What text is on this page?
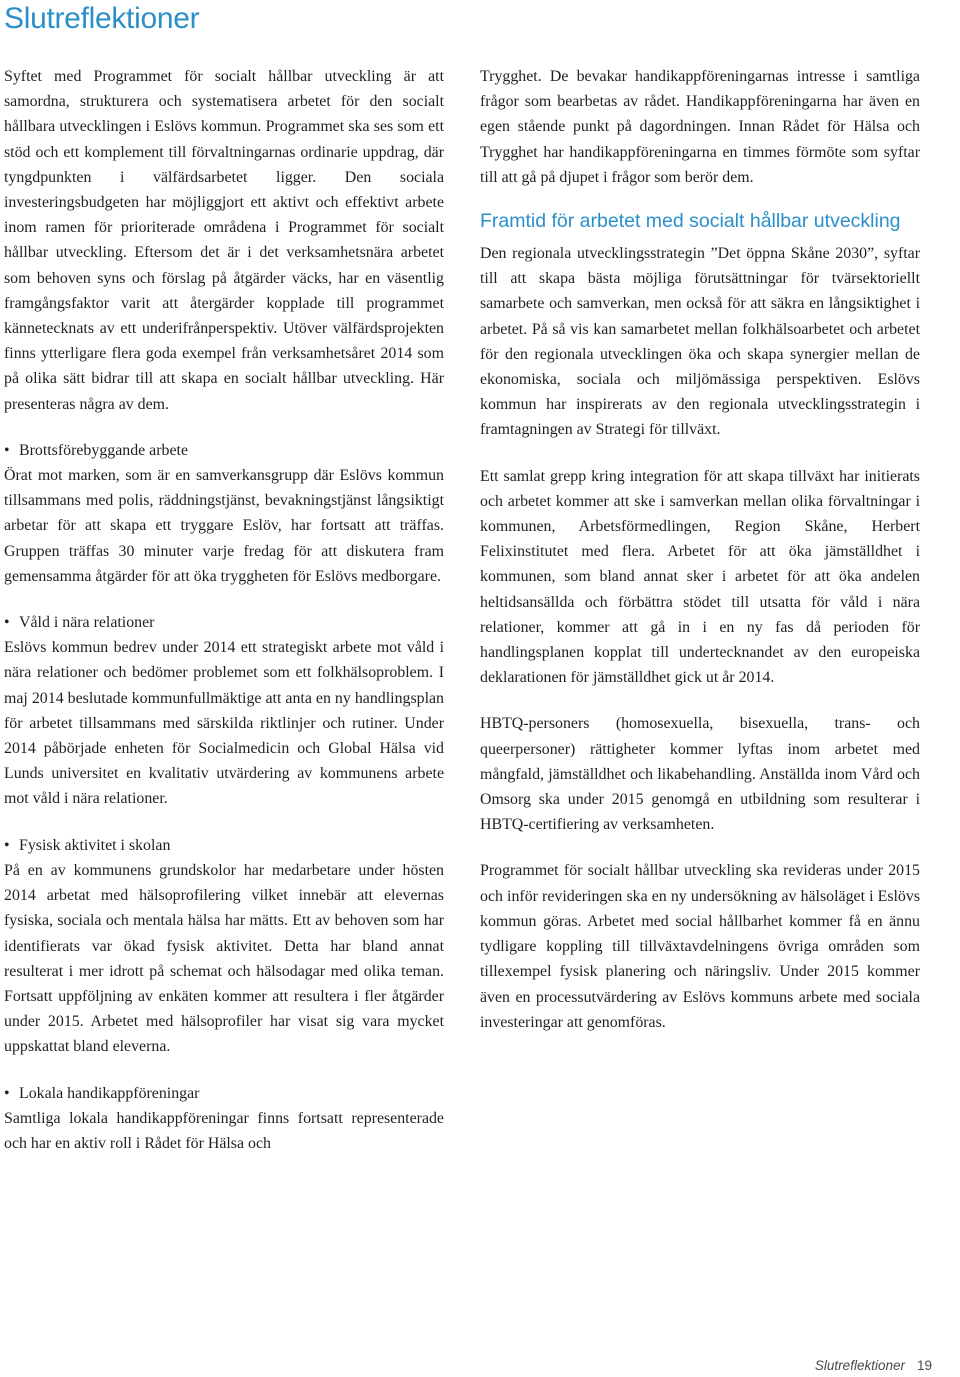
Slutreflektioner

Syftet med Programmet för socialt hållbar utveckling är att samordna, strukturera och systematisera arbetet för den socialt hållbara utvecklingen i Eslövs kommun. Programmet ska ses som ett stöd och ett komplement till förvaltningarnas ordinarie uppdrag, där tyngdpunkten i välfärdsarbetet ligger. Den sociala investeringsbudgeten har möjliggjort ett aktivt och effektivt arbete inom ramen för prioriterade områdena i Programmet för socialt hållbar utveckling. Eftersom det är i det verksamhetsnära arbetet som behoven syns och förslag på åtgärder väcks, har en väsentlig framgångsfaktor varit att återgärder kopplade till programmet kännetecknats av ett underifrånperspektiv. Utöver välfärdsprojekten finns ytterligare flera goda exempel från verksamhetsåret 2014 som på olika sätt bidrar till att skapa en socialt hållbar utveckling. Här presenteras några av dem.

• Brottsförebyggande arbete

Örat mot marken, som är en samverkansgrupp där Eslövs kommun tillsammans med polis, räddningstjänst, bevakningstjänst långsiktigt arbetar för att skapa ett tryggare Eslöv, har fortsatt att träffas. Gruppen träffas 30 minuter varje fredag för att diskutera fram gemensamma åtgärder för att öka tryggheten för Eslövs medborgare.

• Våld i nära relationer

Eslövs kommun bedrev under 2014 ett strategiskt arbete mot våld i nära relationer och bedömer problemet som ett folkhälsoproblem. I maj 2014 beslutade kommunfullmäktige att anta en ny handlingsplan för arbetet tillsammans med särskilda riktlinjer och rutiner. Under 2014 påbörjade enheten för Socialmedicin och Global Hälsa vid Lunds universitet en kvalitativ utvärdering av kommunens arbete mot våld i nära relationer.

• Fysisk aktivitet i skolan

På en av kommunens grundskolor har medarbetare under hösten 2014 arbetat med hälsoprofilering vilket innebär att elevernas fysiska, sociala och mentala hälsa har mätts. Ett av behoven som har identifierats var ökad fysisk aktivitet. Detta har bland annat resulterat i mer idrott på schemat och hälsodagar med olika teman. Fortsatt uppföljning av enkäten kommer att resultera i fler åtgärder under 2015. Arbetet med hälsoprofiler har visat sig vara mycket uppskattat bland eleverna.

• Lokala handikappföreningar

Samtliga lokala handikappföreningar finns fortsatt representerade och har en aktiv roll i Rådet för Hälsa och

Trygghet. De bevakar handikappföreningarnas intresse i samtliga frågor som bearbetas av rådet. Handikappföreningarna har även en egen stående punkt på dagordningen. Innan Rådet för Hälsa och Trygghet har handikappföreningarna en timmes förmöte som syftar till att gå på djupet i frågor som berör dem.

Framtid för arbetet med socialt hållbar utveckling

Den regionala utvecklingsstrategin ”Det öppna Skåne 2030”, syftar till att skapa bästa möjliga förutsättningar för tvärsektoriellt samarbete och samverkan, men också för att säkra en långsiktighet i arbetet. På så vis kan samarbetet mellan folkhälsoarbetet och arbetet för den regionala utvecklingen öka och skapa synergier mellan de ekonomiska, sociala och miljömässiga perspektiven. Eslövs kommun har inspirerats av den regionala utvecklingsstrategin i framtagningen av Strategi för tillväxt.

Ett samlat grepp kring integration för att skapa tillväxt har initierats och arbetet kommer att ske i samverkan mellan olika förvaltningar i kommunen, Arbetsförmedlingen, Region Skåne, Herbert Felixinstitutet med flera. Arbetet för att öka jämställdhet i kommunen, som bland annat sker i arbetet för att öka andelen heltidsansällda och förbättra stödet till utsatta för våld i nära relationer, kommer att gå in i en ny fas då perioden för handlingsplanen kopplat till undertecknandet av den europeiska deklarationen för jämställdhet gick ut år 2014.

HBTQ-personers (homosexuella, bisexuella, trans- och queerpersoner) rättigheter kommer lyftas inom arbetet med mångfald, jämställdhet och likabehandling. Anställda inom Vård och Omsorg ska under 2015 genomgå en utbildning som resulterar i HBTQ-certifiering av verksamheten.

Programmet för socialt hållbar utveckling ska revideras under 2015 och inför revideringen ska en ny undersökning av hälsoläget i Eslövs kommun göras. Arbetet med social hållbarhet kommer få en ännu tydligare koppling till tillväxtavdelningens övriga områden som tillexempel fysisk planering och näringsliv. Under 2015 kommer även en processutvärdering av Eslövs kommuns arbete med sociala investeringar att genomföras.

Slutreflektioner 19
